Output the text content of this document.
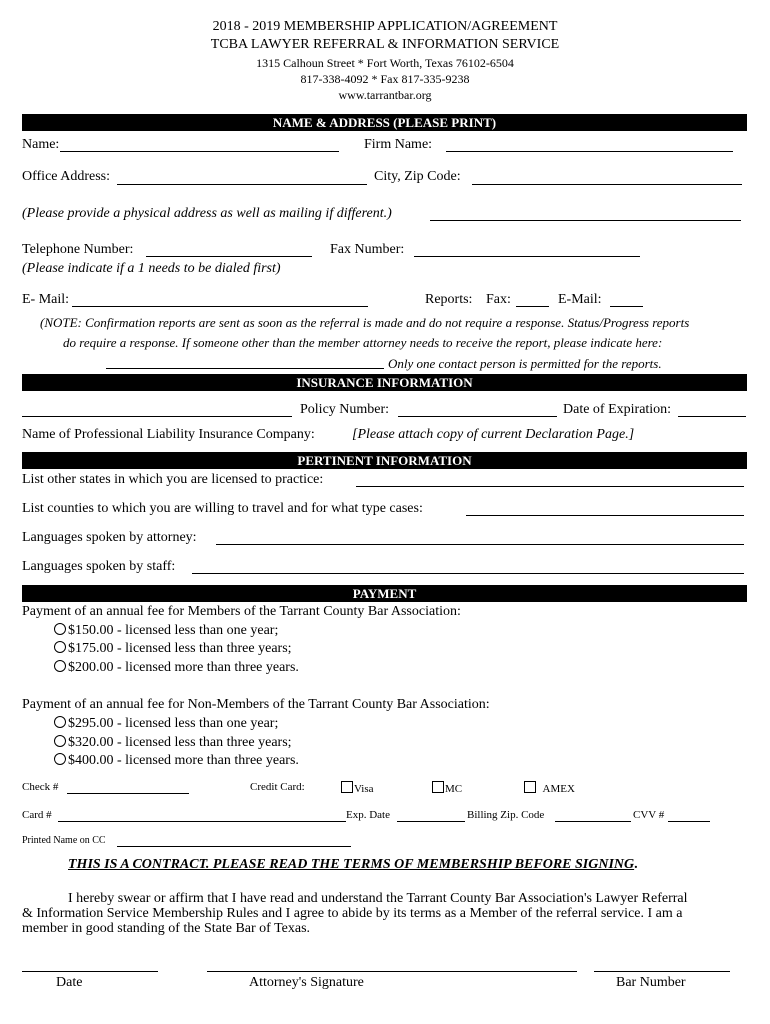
2018 - 2019 MEMBERSHIP APPLICATION/AGREEMENT
TCBA LAWYER REFERRAL & INFORMATION SERVICE
1315 Calhoun Street * Fort Worth, Texas 76102-6504
817-338-4092 * Fax 817-335-9238
www.tarrantbar.org
NAME & ADDRESS (PLEASE PRINT)
Name:	Firm Name:
Office Address:	City, Zip Code:
(Please provide a physical address as well as mailing if different.)
Telephone Number:	Fax Number:
(Please indicate if a 1 needs to be dialed first)
E- Mail:	Reports: Fax:	E-Mail:
(NOTE: Confirmation reports are sent as soon as the referral is made and do not require a response. Status/Progress reports
do require a response. If someone other than the member attorney needs to receive the report, please indicate here:
Only one contact person is permitted for the reports.
INSURANCE INFORMATION
Policy Number:	Date of Expiration:
Name of Professional Liability Insurance Company:	[Please attach copy of current Declaration Page.]
PERTINENT INFORMATION
List other states in which you are licensed to practice:
List counties to which you are willing to travel and for what type cases:
Languages spoken by attorney:
Languages spoken by staff:
PAYMENT
Payment of an annual fee for Members of the Tarrant County Bar Association:
$150.00 - licensed less than one year;
$175.00 - licensed less than three years;
$200.00 - licensed more than three years.
Payment of an annual fee for Non-Members of the Tarrant County Bar Association:
$295.00 - licensed less than one year;
$320.00 - licensed less than three years;
$400.00 - licensed more than three years.
Check #	Credit Card:	Visa	MC	AMEX
Card #	Exp. Date	Billing Zip. Code	CVV #
Printed Name on CC
THIS IS A CONTRACT. PLEASE READ THE TERMS OF MEMBERSHIP BEFORE SIGNING.
I hereby swear or affirm that I have read and understand the Tarrant County Bar Association's Lawyer Referral
& Information Service Membership Rules and I agree to abide by its terms as a Member of the referral service. I am a
member in good standing of the State Bar of Texas.
Date	Attorney's Signature	Bar Number
